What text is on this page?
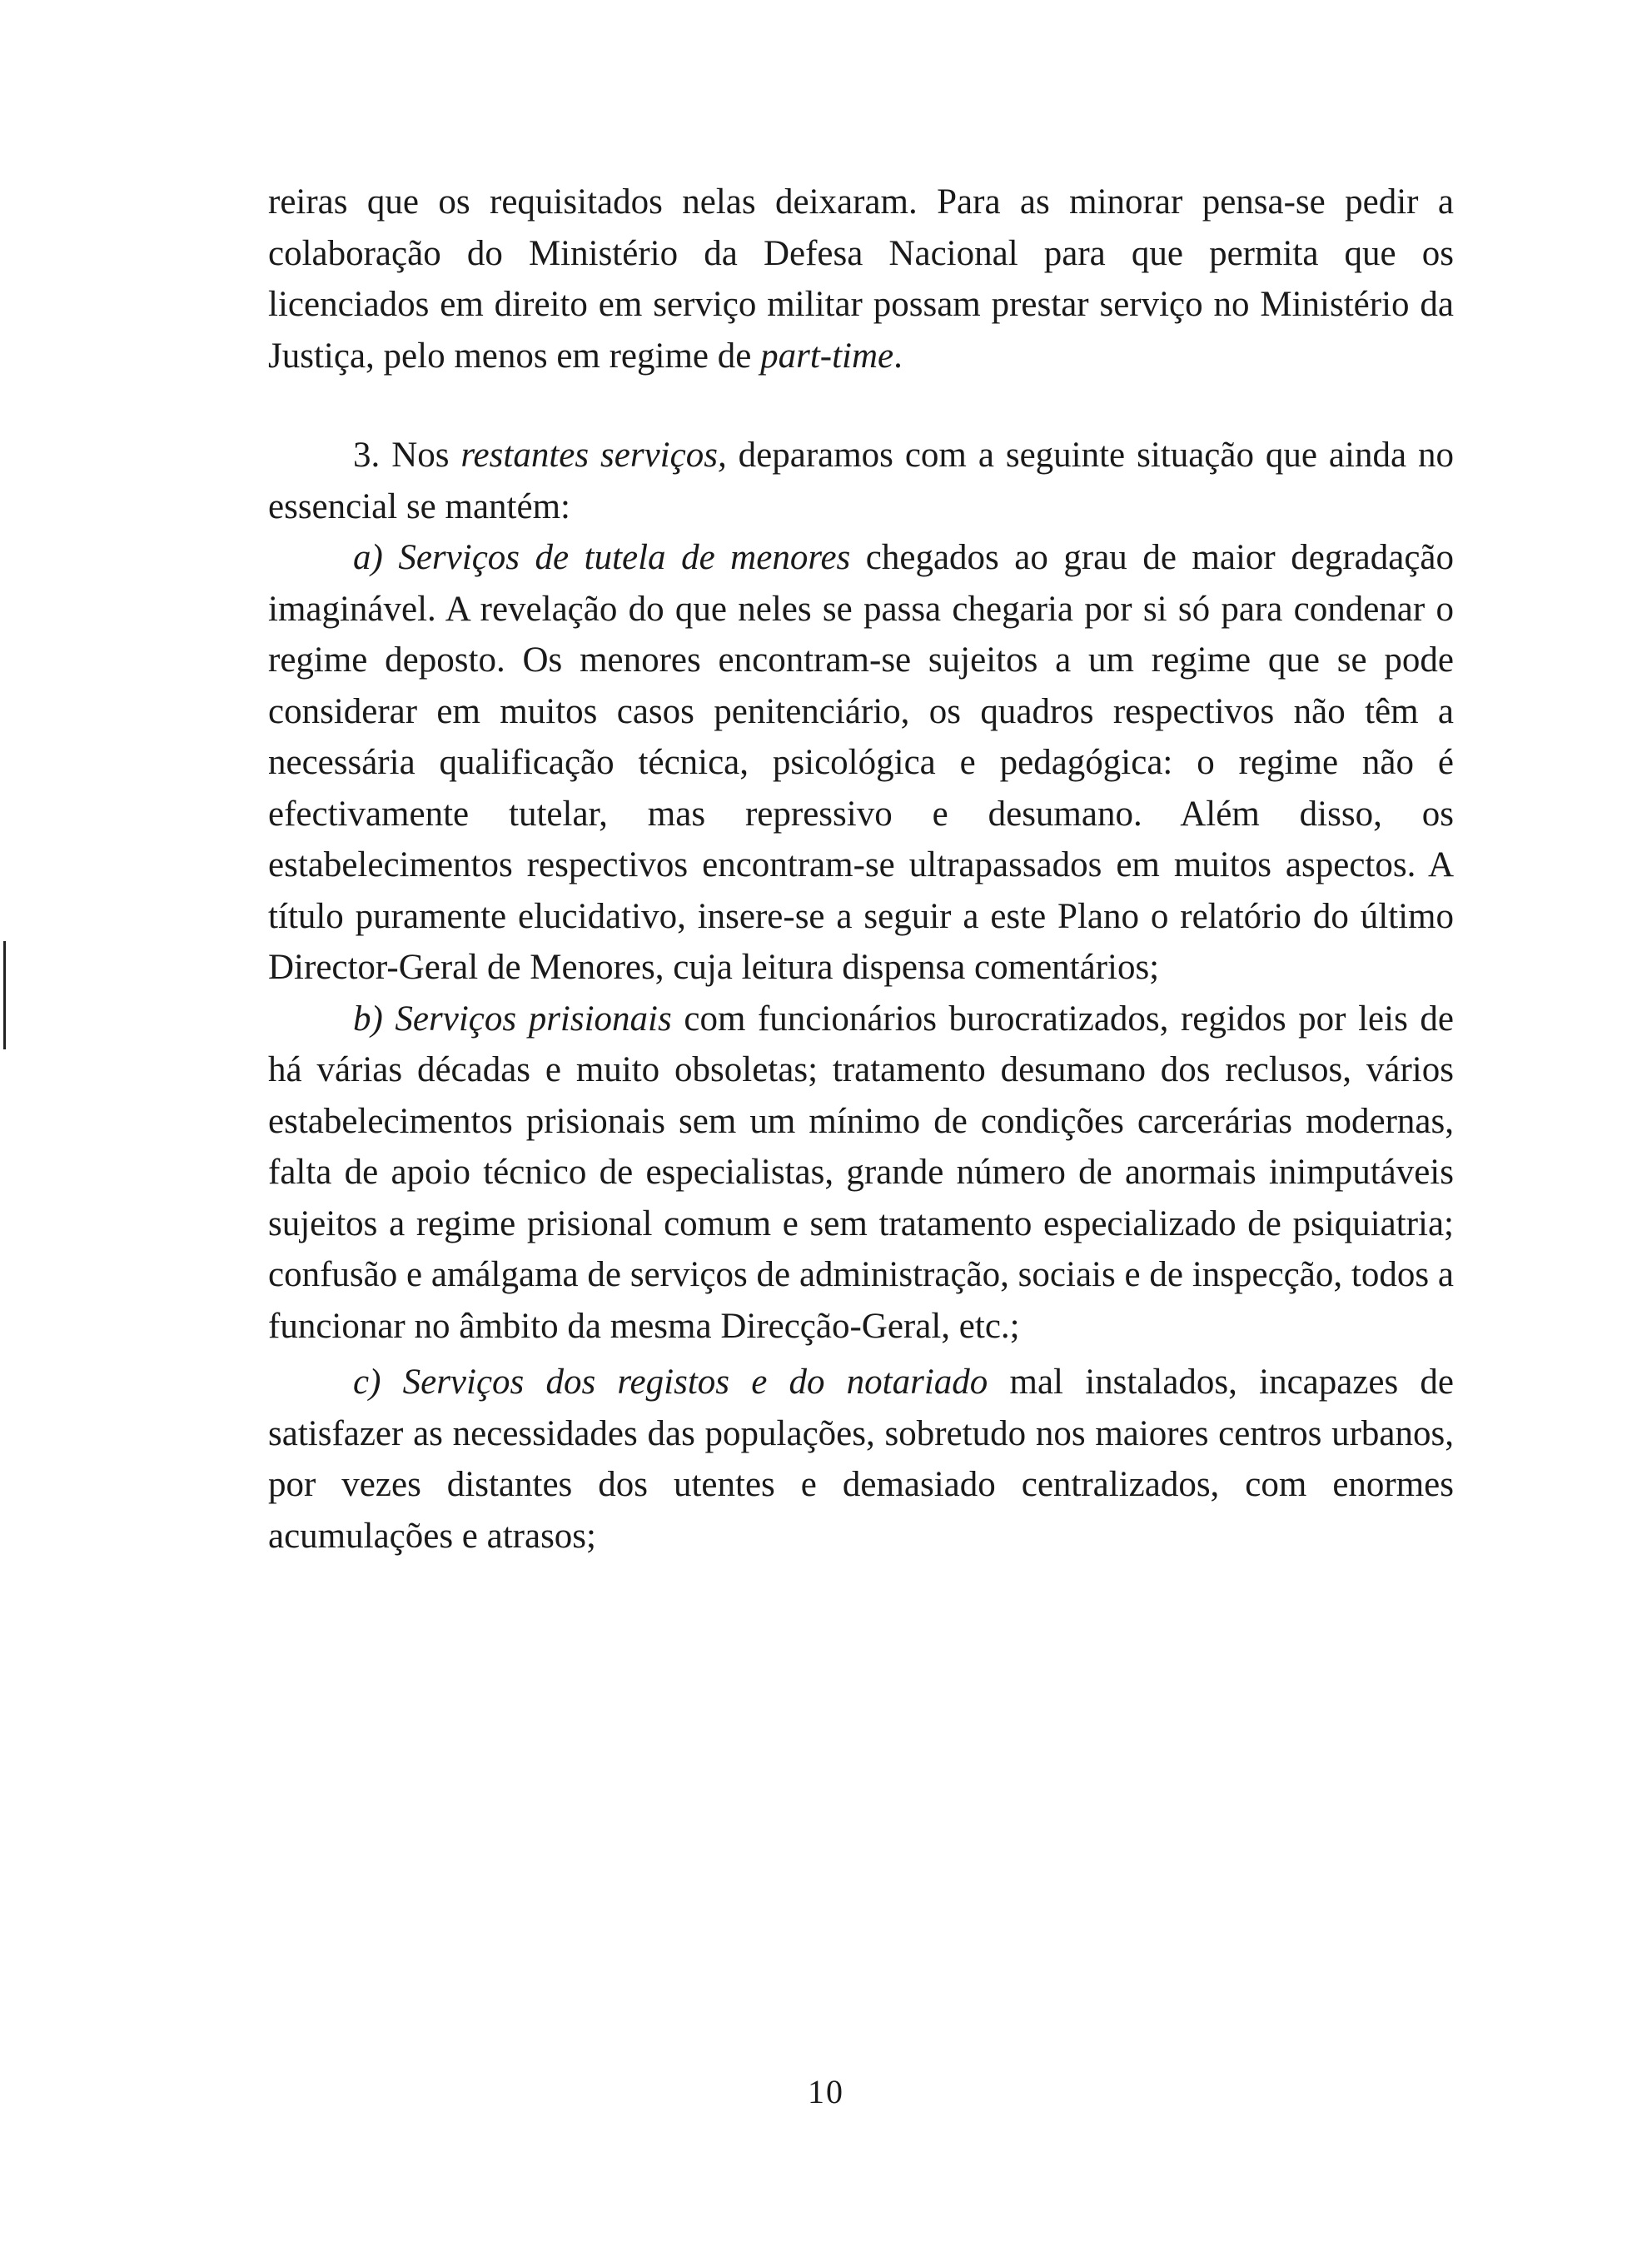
reiras que os requisitados nelas deixaram. Para as minorar pensa-se pedir a colaboração do Ministério da Defesa Nacional para que permita que os licenciados em direito em serviço militar possam prestar serviço no Ministério da Justiça, pelo menos em regime de part-time.

3. Nos restantes serviços, deparamos com a seguinte situação que ainda no essencial se mantém:

a) Serviços de tutela de menores chegados ao grau de maior degradação imaginável. A revelação do que neles se passa chegaria por si só para condenar o regime deposto. Os menores encontram-se sujeitos a um regime que se pode considerar em muitos casos penitenciário, os quadros respectivos não têm a necessária qualificação técnica, psicológica e pedagógica: o regime não é efectivamente tutelar, mas repressivo e desumano. Além disso, os estabelecimentos respectivos encontram-se ultrapassados em muitos aspectos. A título puramente elucidativo, insere-se a seguir a este Plano o relatório do último Director-Geral de Menores, cuja leitura dispensa comentários;

b) Serviços prisionais com funcionários burocratizados, regidos por leis de há várias décadas e muito obsoletas; tratamento desumano dos reclusos, vários estabelecimentos prisionais sem um mínimo de condições carcerárias modernas, falta de apoio técnico de especialistas, grande número de anormais inimputáveis sujeitos a regime prisional comum e sem tratamento especializado de psiquiatria; confusão e amálgama de serviços de administração, sociais e de inspecção, todos a funcionar no âmbito da mesma Direcção-Geral, etc.;

c) Serviços dos registos e do notariado mal instalados, incapazes de satisfazer as necessidades das populações, sobretudo nos maiores centros urbanos, por vezes distantes dos utentes e demasiado centralizados, com enormes acumulações e atrasos;

10
